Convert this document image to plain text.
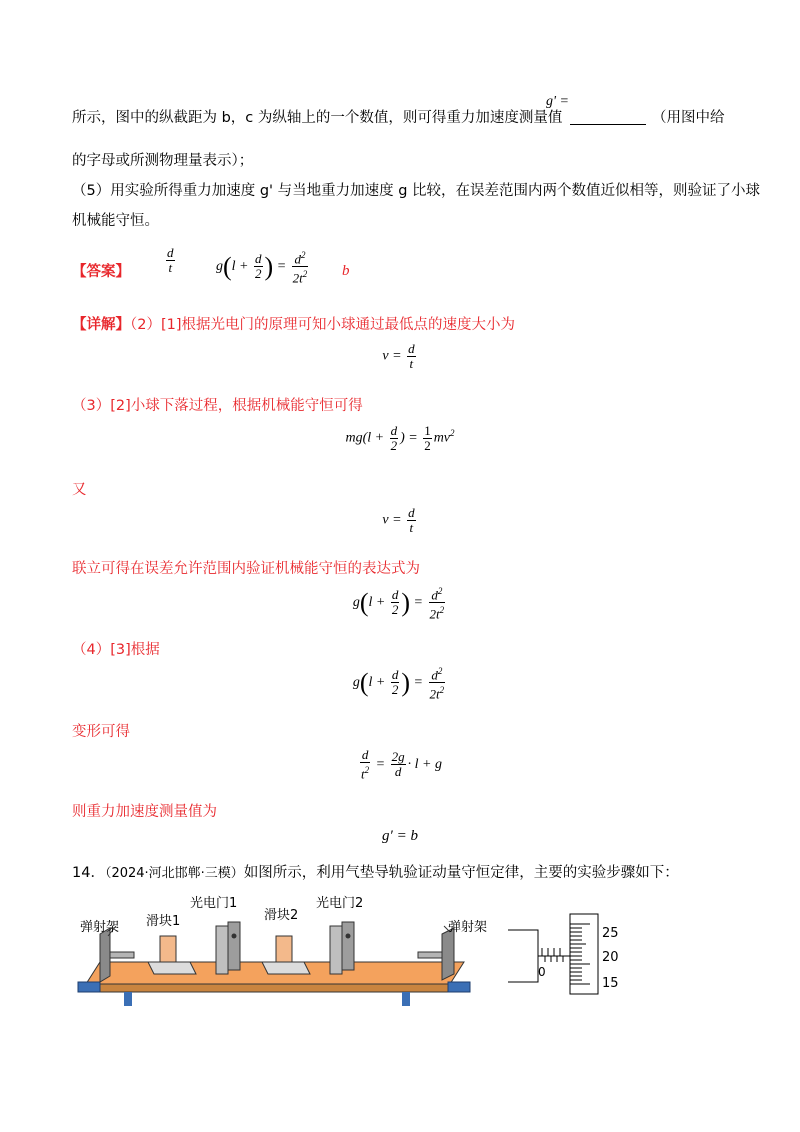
所示，图中的纵截距为 b，c 为纵轴上的一个数值，则可得重力加速度测量值
g' =
（用图中给
的字母或所测物理量表示）；
（5）用实验所得重力加速度 g' 与当地重力加速度 g 比较，在误差范围内两个数值近似相等，则验证了小球
机械能守恒。
【答案】	$\frac{d}{t}$	$g(l + \frac{d}{2}$ ) = $\frac{d^2}{2t^2}$ b
【详解】（2）[1]根据光电门的原理可知小球通过最低点的速度大小为
$v = \frac{d}{t}$
（3）[2]小球下落过程，根据机械能守恒可得
$mg(l + \frac{d}{2}$ ) = $\frac{1}{2} mv^2$
又
$v = \frac{d}{t}$
联立可得在误差允许范围内验证机械能守恒的表达式为
$g(l + \frac{d}{2}$ ) = $\frac{d^2}{2t^2}$
（4）[3]根据
$g(l + \frac{d}{2}$ ) = $\frac{d^2}{2t^2}$
变形可得
$\frac{d}{t^2} = \frac{2g}{d} \cdot l + g$
则重力加速度测量值为
g′ = b
14．（2024·河北邯郸·三模）如图所示，利用气垫导轨验证动量守恒定律，主要的实验步骤如下：
弹射架 滑块1
光电门1
滑块2
光电门2
弹射架	25
20
15
0
